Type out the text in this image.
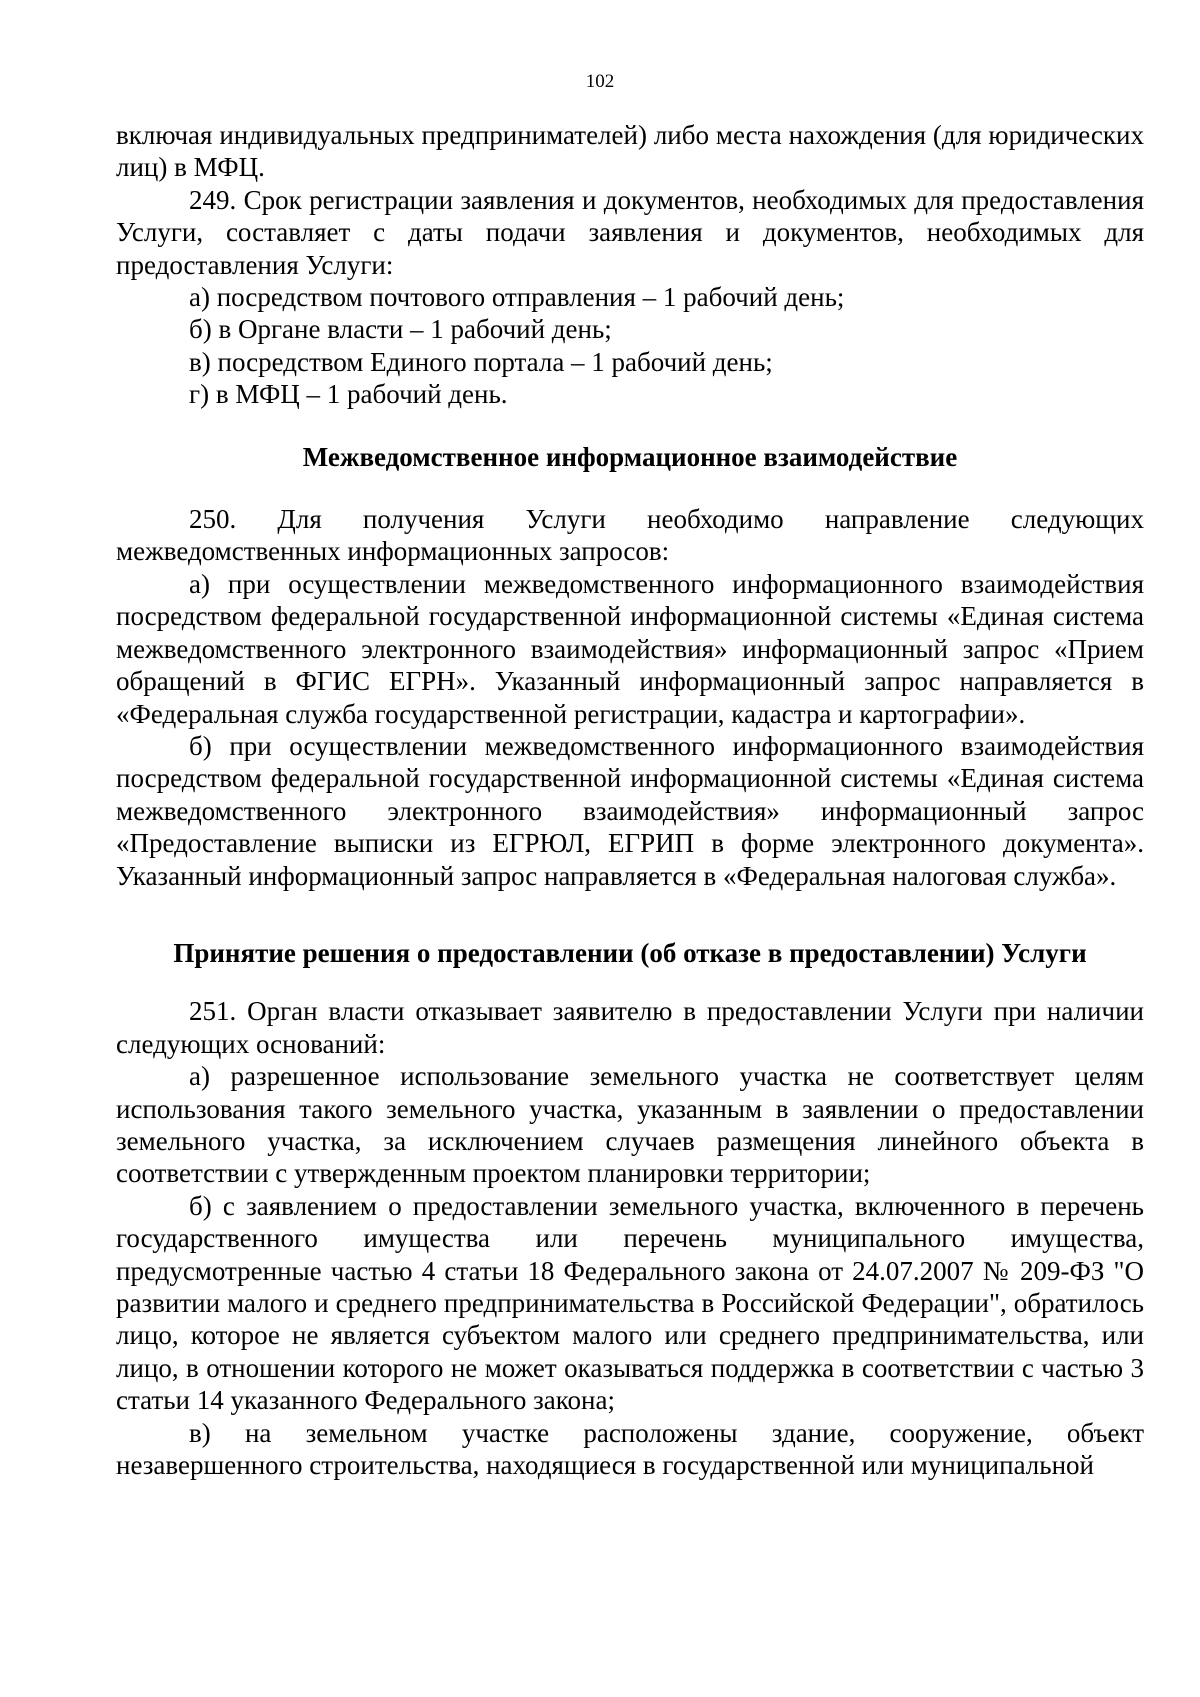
102

включая индивидуальных предпринимателей) либо места нахождения (для юридических лиц) в МФЦ.

249. Срок регистрации заявления и документов, необходимых для предоставления Услуги, составляет с даты подачи заявления и документов, необходимых для предоставления Услуги:

а) посредством почтового отправления – 1 рабочий день;

б) в Органе власти – 1 рабочий день;

в) посредством Единого портала – 1 рабочий день;

г) в МФЦ – 1 рабочий день.

Межведомственное информационное взаимодействие

250. Для получения Услуги необходимо направление следующих межведомственных информационных запросов:

а) при осуществлении межведомственного информационного взаимодействия посредством федеральной государственной информационной системы «Единая система межведомственного электронного взаимодействия» информационный запрос «Прием обращений в ФГИС ЕГРН». Указанный информационный запрос направляется в «Федеральная служба государственной регистрации, кадастра и картографии».

б) при осуществлении межведомственного информационного взаимодействия посредством федеральной государственной информационной системы «Единая система межведомственного электронного взаимодействия» информационный запрос «Предоставление выписки из ЕГРЮЛ, ЕГРИП в форме электронного документа». Указанный информационный запрос направляется в «Федеральная налоговая служба».

Принятие решения о предоставлении (об отказе в предоставлении) Услуги

251. Орган власти отказывает заявителю в предоставлении Услуги при наличии следующих оснований:

а) разрешенное использование земельного участка не соответствует целям использования такого земельного участка, указанным в заявлении о предоставлении земельного участка, за исключением случаев размещения линейного объекта в соответствии с утвержденным проектом планировки территории;

б) с заявлением о предоставлении земельного участка, включенного в перечень государственного имущества или перечень муниципального имущества, предусмотренные частью 4 статьи 18 Федерального закона от 24.07.2007 № 209-ФЗ "О развитии малого и среднего предпринимательства в Российской Федерации", обратилось лицо, которое не является субъектом малого или среднего предпринимательства, или лицо, в отношении которого не может оказываться поддержка в соответствии с частью 3 статьи 14 указанного Федерального закона;

в) на земельном участке расположены здание, сооружение, объект незавершенного строительства, находящиеся в государственной или муниципальной
